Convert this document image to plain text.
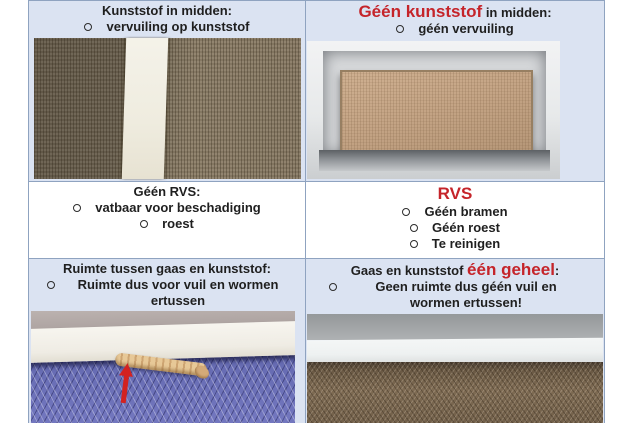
Kunststof in midden:
vervuiling op kunststof
Géén kunststof in midden:
géén vervuiling
Géén RVS:
vatbaar voor beschadiging
roest
RVS
Géén bramen
Géén roest
Te reinigen
Ruimte tussen gaas en kunststof:
Ruimte dus voor vuil en wormen ertussen
Gaas en kunststof één geheel:
Geen ruimte dus géén vuil en wormen ertussen!
